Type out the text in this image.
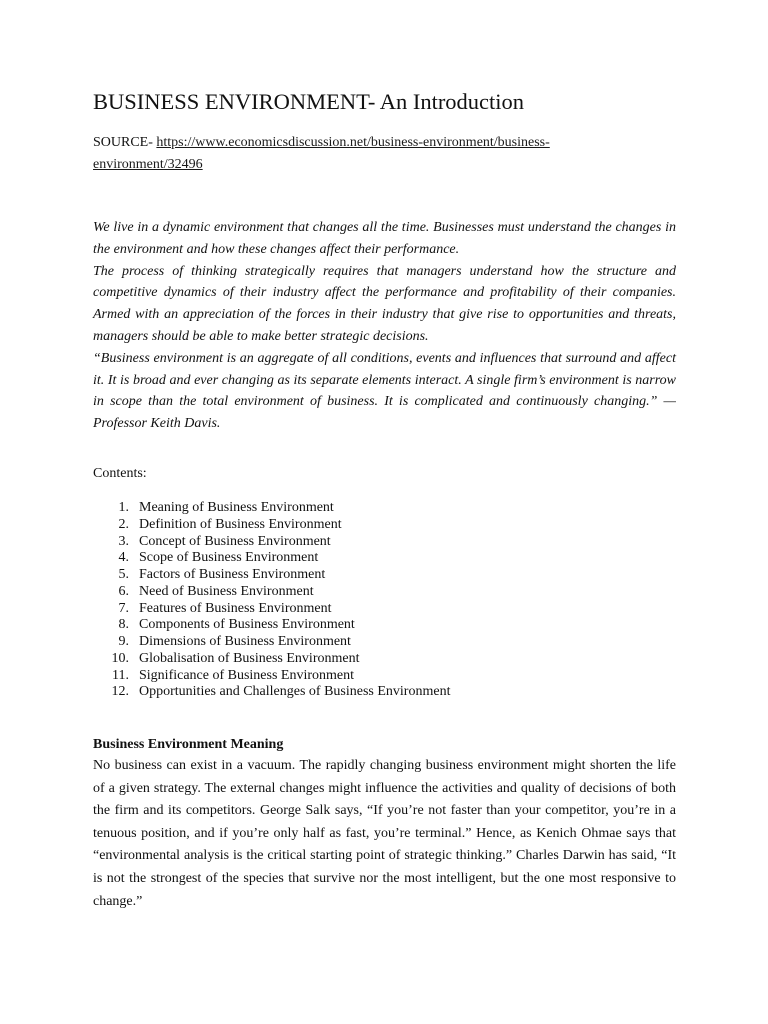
BUSINESS ENVIRONMENT- An Introduction
SOURCE- https://www.economicsdiscussion.net/business-environment/business-environment/32496

We live in a dynamic environment that changes all the time. Businesses must understand the changes in the environment and how these changes affect their performance.

The process of thinking strategically requires that managers understand how the structure and competitive dynamics of their industry affect the performance and profitability of their companies. Armed with an appreciation of the forces in their industry that give rise to opportunities and threats, managers should be able to make better strategic decisions.

“Business environment is an aggregate of all conditions, events and influences that surround and affect it. It is broad and ever changing as its separate elements interact. A single firm’s environment is narrow in scope than the total environment of business. It is complicated and continuously changing.” —Professor Keith Davis.

Contents:
1. Meaning of Business Environment
2. Definition of Business Environment
3. Concept of Business Environment
4. Scope of Business Environment
5. Factors of Business Environment
6. Need of Business Environment
7. Features of Business Environment
8. Components of Business Environment
9. Dimensions of Business Environment
10. Globalisation of Business Environment
11. Significance of Business Environment
12. Opportunities and Challenges of Business Environment
Business Environment Meaning

No business can exist in a vacuum. The rapidly changing business environment might shorten the life of a given strategy. The external changes might influence the activities and quality of decisions of both the firm and its competitors. George Salk says, “If you’re not faster than your competitor, you’re in a tenuous position, and if you’re only half as fast, you’re terminal.” Hence, as Kenich Ohmae says that “environmental analysis is the critical starting point of strategic thinking.” Charles Darwin has said, “It is not the strongest of the species that survive nor the most intelligent, but the one most responsive to change.”
